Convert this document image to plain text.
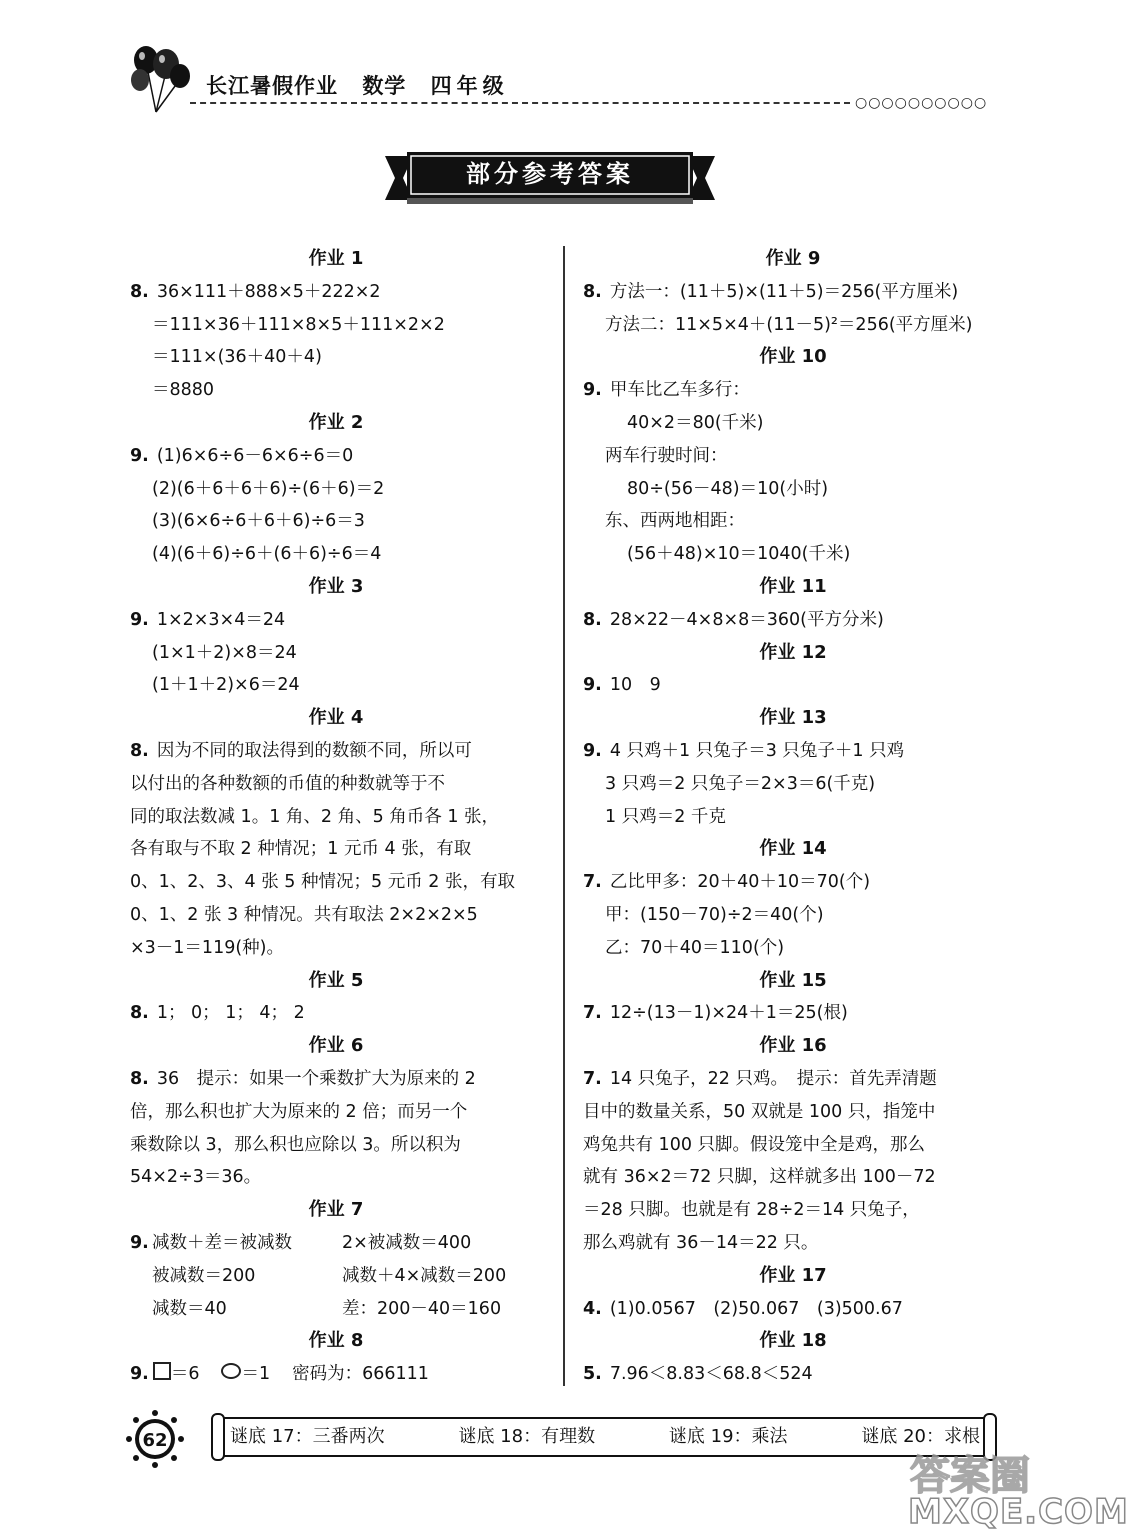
长江暑假作业 数学 四年级
○○○○○○○○○○
部分参考答案
作业 1
8. 36×111＋888×5＋222×2
＝111×36＋111×8×5＋111×2×2
＝111×(36＋40＋4)
＝8880
作业 2
9. (1)6×6÷6－6×6÷6＝0
(2)(6＋6＋6＋6)÷(6＋6)＝2
(3)(6×6÷6＋6＋6)÷6＝3
(4)(6＋6)÷6＋(6＋6)÷6＝4
作业 3
9. 1×2×3×4＝24
(1×1＋2)×8＝24
(1＋1＋2)×6＝24
作业 4
8. 因为不同的取法得到的数额不同，所以可
以付出的各种数额的币值的种数就等于不
同的取法数减 1。1 角、2 角、5 角币各 1 张，
各有取与不取 2 种情况；1 元币 4 张，有取
0、1、2、3、4 张 5 种情况；5 元币 2 张，有取
0、1、2 张 3 种情况。共有取法 2×2×2×5
×3－1＝119(种)。
作业 5
8. 1； 0； 1； 4； 2
作业 6
8. 36　提示：如果一个乘数扩大为原来的 2
倍，那么积也扩大为原来的 2 倍；而另一个
乘数除以 3，那么积也应除以 3。所以积为
54×2÷3＝36。
作业 7
9. 减数＋差＝被减数	2×被减数＝400
被减数＝200	减数＋4×减数＝200
减数＝40	差：200－40＝160
作业 8
9. ＝6 ＝1 密码为：666111
作业 9
8. 方法一：(11＋5)×(11＋5)＝256(平方厘米)
方法二：11×5×4＋(11－5)²＝256(平方厘米)
作业 10
9. 甲车比乙车多行：
40×2＝80(千米)
两车行驶时间：
80÷(56－48)＝10(小时)
东、西两地相距：
(56＋48)×10＝1040(千米)
作业 11
8. 28×22－4×8×8＝360(平方分米)
作业 12
9. 10　9
作业 13
9. 4 只鸡＋1 只兔子＝3 只兔子＋1 只鸡
3 只鸡＝2 只兔子＝2×3＝6(千克)
1 只鸡＝2 千克
作业 14
7. 乙比甲多：20＋40＋10＝70(个)
甲：(150－70)÷2＝40(个)
乙：70＋40＝110(个)
作业 15
7. 12÷(13－1)×24＋1＝25(根)
作业 16
7. 14 只兔子，22 只鸡。　提示：首先弄清题
目中的数量关系，50 双就是 100 只，指笼中
鸡兔共有 100 只脚。假设笼中全是鸡，那么
就有 36×2＝72 只脚，这样就多出 100－72
＝28 只脚。也就是有 28÷2＝14 只兔子，
那么鸡就有 36－14＝22 只。
作业 17
4. (1)0.0567　(2)50.067　(3)500.67
作业 18
5. 7.96＜8.83＜68.8＜524
62	谜底 17：三番两次	谜底 18：有理数	谜底 19：乘法	谜底 20：求根
答案圈
MXQE.COM
